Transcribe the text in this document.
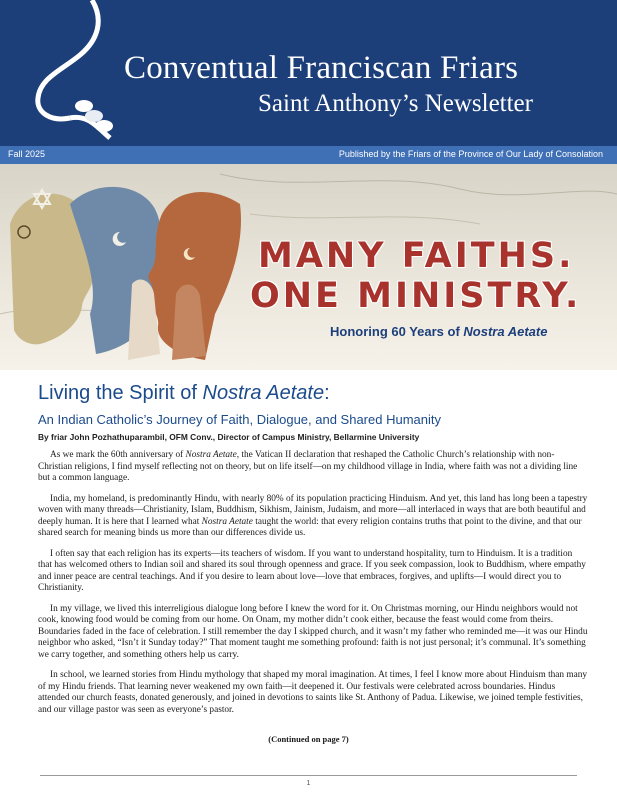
Conventual Franciscan Friars
Saint Anthony’s Newsletter
Fall 2025	Published by the Friars of the Province of Our Lady of Consolation
MANY FAITHS.
ONE MINISTRY.
Honoring 60 Years of Nostra Aetate
Living the Spirit of Nostra Aetate:
An Indian Catholic’s Journey of Faith, Dialogue, and Shared Humanity
By friar John Pozhathuparambil, OFM Conv., Director of Campus Ministry, Bellarmine University

As we mark the 60th anniversary of Nostra Aetate, the Vatican II declaration that reshaped the Catholic Church’s relationship with non-Christian religions, I find myself reflecting not on theory, but on life itself—on my childhood village in India, where faith was not a dividing line but a common language.

India, my homeland, is predominantly Hindu, with nearly 80% of its population practicing Hinduism. And yet, this land has long been a tapestry woven with many threads—Christianity, Islam, Buddhism, Sikhism, Jainism, Judaism, and more—all interlaced in ways that are both beautiful and deeply human. It is here that I learned what Nostra Aetate taught the world: that every religion contains truths that point to the divine, and that our shared search for meaning binds us more than our differences divide us.

I often say that each religion has its experts—its teachers of wisdom. If you want to understand hospitality, turn to Hinduism. It is a tradition that has welcomed others to Indian soil and shared its soul through openness and grace. If you seek compassion, look to Buddhism, where empathy and inner peace are central teachings. And if you desire to learn about love—love that embraces, forgives, and uplifts—I would direct you to Christianity.

In my village, we lived this interreligious dialogue long before I knew the word for it. On Christmas morning, our Hindu neighbors would not cook, knowing food would be coming from our home. On Onam, my mother didn’t cook either, because the feast would come from theirs. Boundaries faded in the face of celebration. I still remember the day I skipped church, and it wasn’t my father who reminded me—it was our Hindu neighbor who asked, “Isn’t it Sunday today?” That moment taught me something profound: faith is not just personal; it’s communal. It’s something we carry together, and something others help us carry.

In school, we learned stories from Hindu mythology that shaped my moral imagination. At times, I feel I know more about Hinduism than many of my Hindu friends. That learning never weakened my own faith—it deepened it. Our festivals were celebrated across boundaries. Hindus attended our church feasts, donated generously, and joined in devotions to saints like St. Anthony of Padua. Likewise, we joined temple festivities, and our village pastor was seen as everyone’s pastor.

(Continued on page 7)
1
